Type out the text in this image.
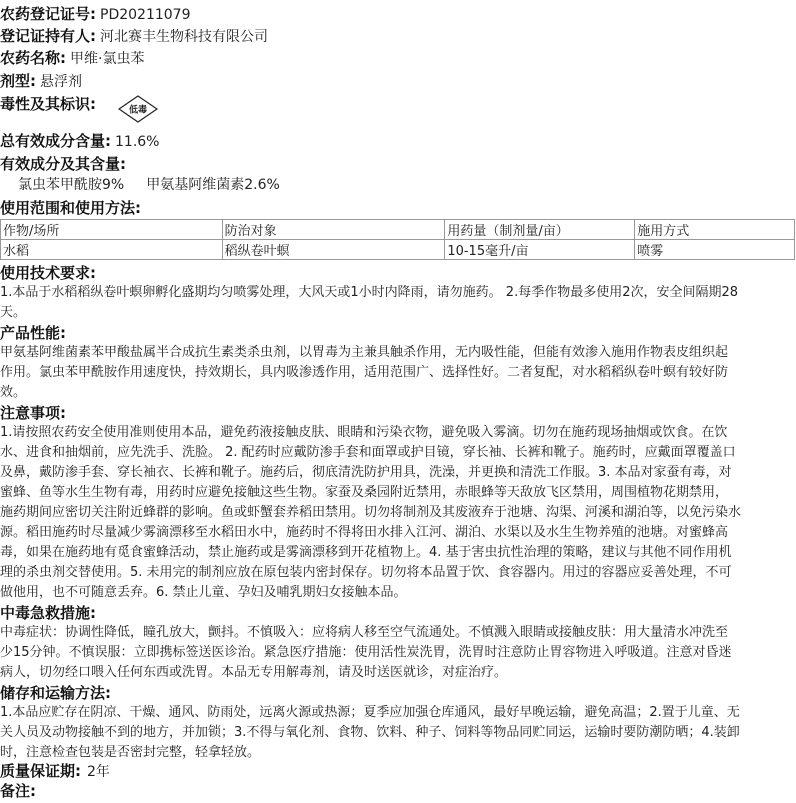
农药登记证号: PD20211079
登记证持有人: 河北赛丰生物科技有限公司
农药名称: 甲维·氯虫苯
剂型: 悬浮剂
毒性及其标识:	低毒
总有效成分含量: 11.6%
有效成分及其含量:
氯虫苯甲酰胺9% 甲氨基阿维菌素2.6%
使用范围和使用方法:
作物/场所	防治对象	用药量（制剂量/亩）	施用方式
水稻	稻纵卷叶螟	10-15毫升/亩	喷雾
使用技术要求:
1.本品于水稻稻纵卷叶螟卵孵化盛期均匀喷雾处理，大风天或1小时内降雨，请勿施药。 2.每季作物最多使用2次，安全间隔期28
天。
产品性能:
甲氨基阿维菌素苯甲酸盐属半合成抗生素类杀虫剂，以胃毒为主兼具触杀作用，无内吸性能，但能有效渗入施用作物表皮组织起
作用。氯虫苯甲酰胺作用速度快，持效期长，具内吸渗透作用，适用范围广、选择性好。二者复配，对水稻稻纵卷叶螟有较好防
效。
注意事项:
1.请按照农药安全使用准则使用本品，避免药液接触皮肤、眼睛和污染衣物，避免吸入雾滴。切勿在施药现场抽烟或饮食。在饮
水、进食和抽烟前，应先洗手、洗脸。 2. 配药时应戴防渗手套和面罩或护目镜，穿长袖、长裤和靴子。施药时，应戴面罩覆盖口
及鼻，戴防渗手套、穿长袖衣、长裤和靴子。施药后，彻底清洗防护用具，洗澡，并更换和清洗工作服。3. 本品对家蚕有毒，对
蜜蜂、鱼等水生生物有毒，用药时应避免接触这些生物。家蚕及桑园附近禁用，赤眼蜂等天敌放飞区禁用，周围植物花期禁用，
施药期间应密切关注附近蜂群的影响。鱼或虾蟹套养稻田禁用。切勿将制剂及其废液弃于池塘、沟渠、河溪和湖泊等，以免污染水
源。稻田施药时尽量减少雾滴漂移至水稻田水中，施药时不得将田水排入江河、湖泊、水渠以及水生生物养殖的池塘。对蜜蜂高
毒，如果在施药地有觅食蜜蜂活动，禁止施药或是雾滴漂移到开花植物上。4. 基于害虫抗性治理的策略，建议与其他不同作用机
理的杀虫剂交替使用。5. 未用完的制剂应放在原包装内密封保存。切勿将本品置于饮、食容器内。用过的容器应妥善处理，不可
做他用，也不可随意丢弃。6. 禁止儿童、孕妇及哺乳期妇女接触本品。
中毒急救措施:
中毒症状：协调性降低，瞳孔放大，颤抖。不慎吸入：应将病人移至空气流通处。不慎溅入眼睛或接触皮肤：用大量清水冲洗至
少15分钟。不慎误服：立即携标签送医诊治。紧急医疗措施：使用活性炭洗胃，洗胃时注意防止胃容物进入呼吸道。注意对昏迷
病人，切勿经口喂入任何东西或洗胃。本品无专用解毒剂，请及时送医就诊，对症治疗。
储存和运输方法:
1.本品应贮存在阴凉、干燥、通风、防雨处，远离火源或热源；夏季应加强仓库通风，最好早晚运输，避免高温；2.置于儿童、无
关人员及动物接触不到的地方，并加锁；3.不得与氧化剂、食物、饮料、种子、饲料等物品同贮同运，运输时要防潮防晒；4.装卸
时，注意检查包装是否密封完整，轻拿轻放。
质量保证期: 2年
备注:
